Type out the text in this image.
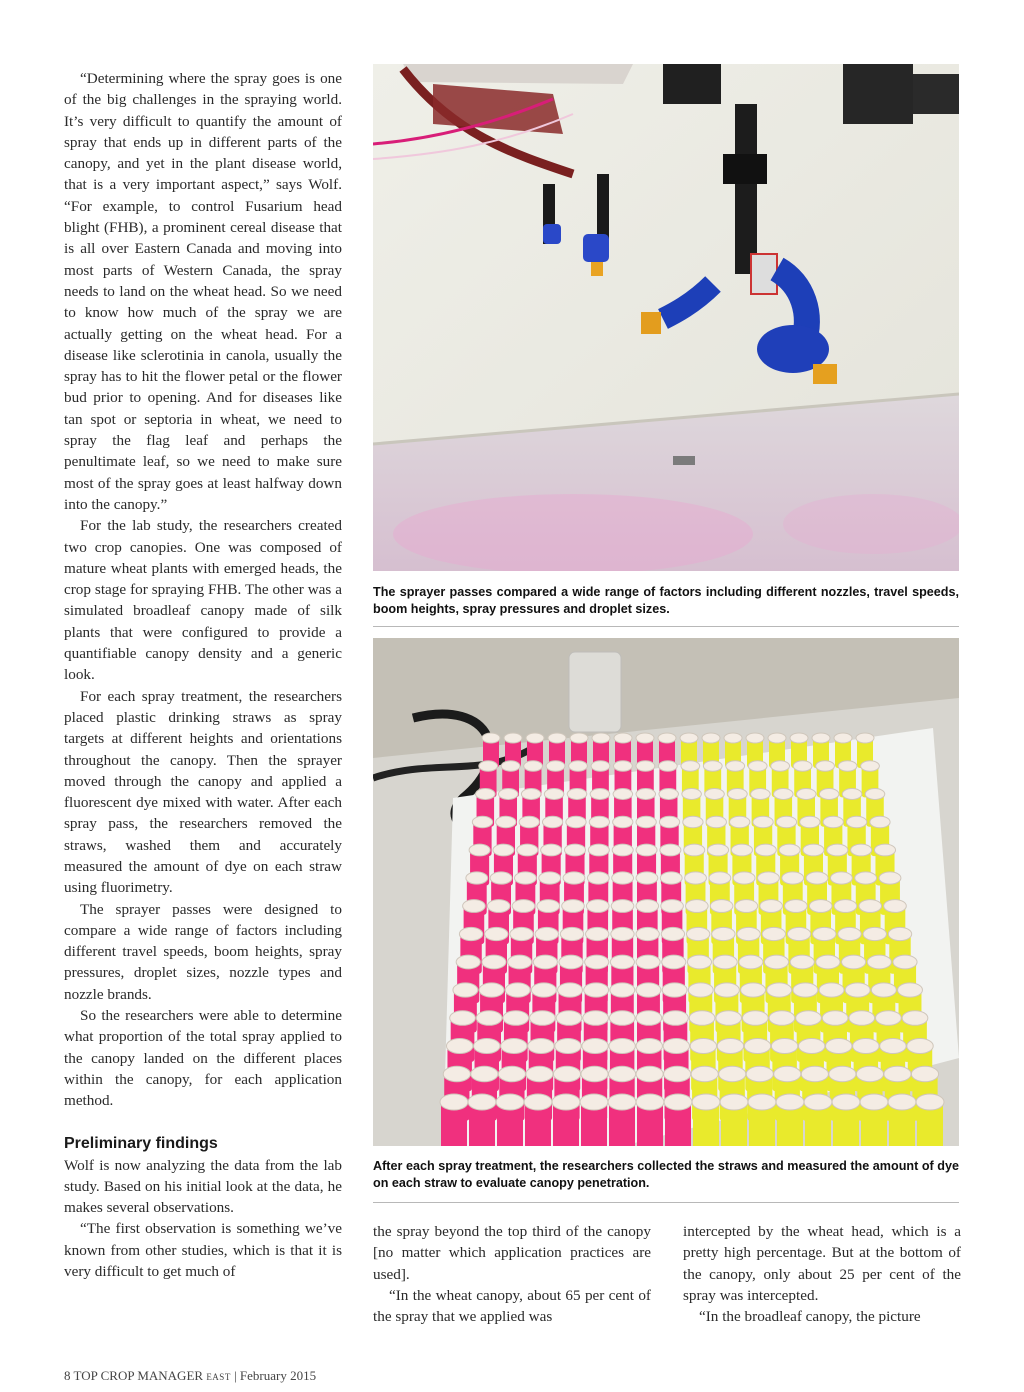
“Determining where the spray goes is one of the big challenges in the spraying world. It’s very difficult to quantify the amount of spray that ends up in different parts of the canopy, and yet in the plant disease world, that is a very important aspect,” says Wolf. “For example, to control Fusarium head blight (FHB), a prominent cereal disease that is all over Eastern Canada and moving into most parts of Western Canada, the spray needs to land on the wheat head. So we need to know how much of the spray we are actually getting on the wheat head. For a disease like sclerotinia in canola, usually the spray has to hit the flower petal or the flower bud prior to opening. And for diseases like tan spot or septoria in wheat, we need to spray the flag leaf and perhaps the penultimate leaf, so we need to make sure most of the spray goes at least halfway down into the canopy.”

For the lab study, the researchers created two crop canopies. One was composed of mature wheat plants with emerged heads, the crop stage for spraying FHB. The other was a simulated broadleaf canopy made of silk plants that were configured to provide a quantifiable canopy density and a generic look.

For each spray treatment, the researchers placed plastic drinking straws as spray targets at different heights and orientations throughout the canopy. Then the sprayer moved through the canopy and applied a fluorescent dye mixed with water. After each spray pass, the researchers removed the straws, washed them and accurately measured the amount of dye on each straw using fluorimetry.

The sprayer passes were designed to compare a wide range of factors including different travel speeds, boom heights, spray pressures, droplet sizes, nozzle types and nozzle brands.

So the researchers were able to determine what proportion of the total spray applied to the canopy landed on the different places within the canopy, for each application method.

Preliminary findings

Wolf is now analyzing the data from the lab study. Based on his initial look at the data, he makes several observations.

“The first observation is something we’ve known from other studies, which is that it is very difficult to get much of

The sprayer passes compared a wide range of factors including different nozzles, travel speeds, boom heights, spray pressures and droplet sizes.
After each spray treatment, the researchers collected the straws and measured the amount of dye on each straw to evaluate canopy penetration.

the spray beyond the top third of the canopy [no matter which application practices are used].

“In the wheat canopy, about 65 per cent of the spray that we applied was

intercepted by the wheat head, which is a pretty high percentage. But at the bottom of the canopy, only about 25 per cent of the spray was intercepted.

“In the broadleaf canopy, the picture

8 TOP CROP MANAGER EAST | February 2015
